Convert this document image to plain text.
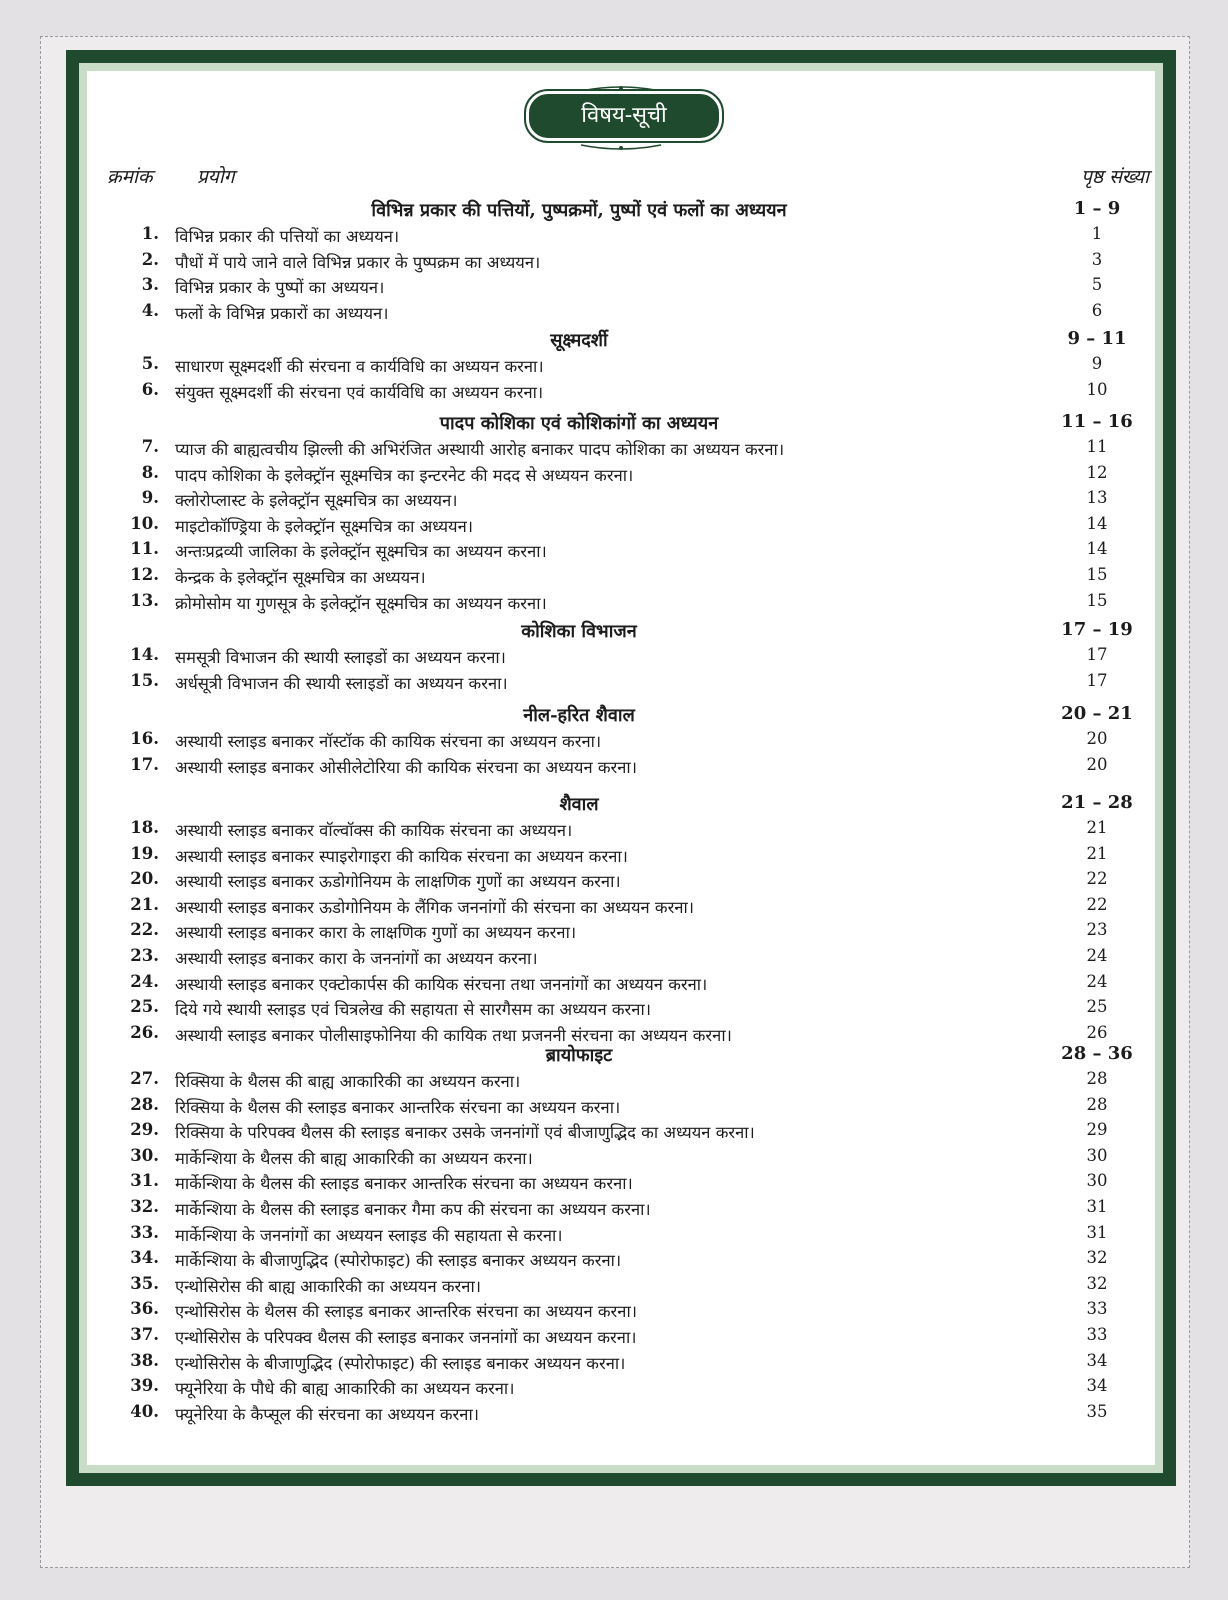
विषय-सूची
क्रमांक प्रयोग	पृष्ठ संख्या
विभिन्न प्रकार की पत्तियों, पुष्पक्रमों, पुष्पों एवं फलों का अध्ययन	1 – 9
1. विभिन्न प्रकार की पत्तियों का अध्ययन।	1
2. पौधों में पाये जाने वाले विभिन्न प्रकार के पुष्पक्रम का अध्ययन।	3
3. विभिन्न प्रकार के पुष्पों का अध्ययन।	5
4. फलों के विभिन्न प्रकारों का अध्ययन।	6
सूक्ष्मदर्शी	9 – 11
5. साधारण सूक्ष्मदर्शी की संरचना व कार्यविधि का अध्ययन करना।	9
6. संयुक्त सूक्ष्मदर्शी की संरचना एवं कार्यविधि का अध्ययन करना।	10
पादप कोशिका एवं कोशिकांगों का अध्ययन	11 – 16
7. प्याज की बाह्यत्वचीय झिल्ली की अभिरंजित अस्थायी आरोह बनाकर पादप कोशिका का अध्ययन करना।	11
8. पादप कोशिका के इलेक्ट्रॉन सूक्ष्मचित्र का इन्टरनेट की मदद से अध्ययन करना।	12
9. क्लोरोप्लास्ट के इलेक्ट्रॉन सूक्ष्मचित्र का अध्ययन।	13
10. माइटोकॉण्ड्रिया के इलेक्ट्रॉन सूक्ष्मचित्र का अध्ययन।	14
11. अन्तःप्रद्रव्यी जालिका के इलेक्ट्रॉन सूक्ष्मचित्र का अध्ययन करना।	14
12. केन्द्रक के इलेक्ट्रॉन सूक्ष्मचित्र का अध्ययन।	15
13. क्रोमोसोम या गुणसूत्र के इलेक्ट्रॉन सूक्ष्मचित्र का अध्ययन करना।	15
कोशिका विभाजन	17 – 19
14. समसूत्री विभाजन की स्थायी स्लाइडों का अध्ययन करना।	17
15. अर्धसूत्री विभाजन की स्थायी स्लाइडों का अध्ययन करना।	17
नील-हरित शैवाल	20 – 21
16. अस्थायी स्लाइड बनाकर नॉस्टॉक की कायिक संरचना का अध्ययन करना।	20
17. अस्थायी स्लाइड बनाकर ओसीलेटोरिया की कायिक संरचना का अध्ययन करना।	20
शैवाल	21 – 28
18. अस्थायी स्लाइड बनाकर वॉल्वॉक्स की कायिक संरचना का अध्ययन।	21
19. अस्थायी स्लाइड बनाकर स्पाइरोगाइरा की कायिक संरचना का अध्ययन करना।	21
20. अस्थायी स्लाइड बनाकर ऊडोगोनियम के लाक्षणिक गुणों का अध्ययन करना।	22
21. अस्थायी स्लाइड बनाकर ऊडोगोनियम के लैंगिक जननांगों की संरचना का अध्ययन करना।	22
22. अस्थायी स्लाइड बनाकर कारा के लाक्षणिक गुणों का अध्ययन करना।	23
23. अस्थायी स्लाइड बनाकर कारा के जननांगों का अध्ययन करना।	24
24. अस्थायी स्लाइड बनाकर एक्टोकार्पस की कायिक संरचना तथा जननांगों का अध्ययन करना।	24
25. दिये गये स्थायी स्लाइड एवं चित्रलेख की सहायता से सारगैसम का अध्ययन करना।	25
26. अस्थायी स्लाइड बनाकर पोलीसाइफोनिया की कायिक तथा प्रजननी संरचना का अध्ययन करना।	26
ब्रायोफाइट	28 – 36
27. रिक्सिया के थैलस की बाह्य आकारिकी का अध्ययन करना।	28
28. रिक्सिया के थैलस की स्लाइड बनाकर आन्तरिक संरचना का अध्ययन करना।	28
29. रिक्सिया के परिपक्व थैलस की स्लाइड बनाकर उसके जननांगों एवं बीजाणुद्भिद का अध्ययन करना।	29
30. मार्केन्शिया के थैलस की बाह्य आकारिकी का अध्ययन करना।	30
31. मार्केन्शिया के थैलस की स्लाइड बनाकर आन्तरिक संरचना का अध्ययन करना।	30
32. मार्केन्शिया के थैलस की स्लाइड बनाकर गैमा कप की संरचना का अध्ययन करना।	31
33. मार्केन्शिया के जननांगों का अध्ययन स्लाइड की सहायता से करना।	31
34. मार्केन्शिया के बीजाणुद्भिद (स्पोरोफाइट) की स्लाइड बनाकर अध्ययन करना।	32
35. एन्थोसिरोस की बाह्य आकारिकी का अध्ययन करना।	32
36. एन्थोसिरोस के थैलस की स्लाइड बनाकर आन्तरिक संरचना का अध्ययन करना।	33
37. एन्थोसिरोस के परिपक्व थैलस की स्लाइड बनाकर जननांगों का अध्ययन करना।	33
38. एन्थोसिरोस के बीजाणुद्भिद (स्पोरोफाइट) की स्लाइड बनाकर अध्ययन करना।	34
39. फ्यूनेरिया के पौधे की बाह्य आकारिकी का अध्ययन करना।	34
40. फ्यूनेरिया के कैप्सूल की संरचना का अध्ययन करना।	35
